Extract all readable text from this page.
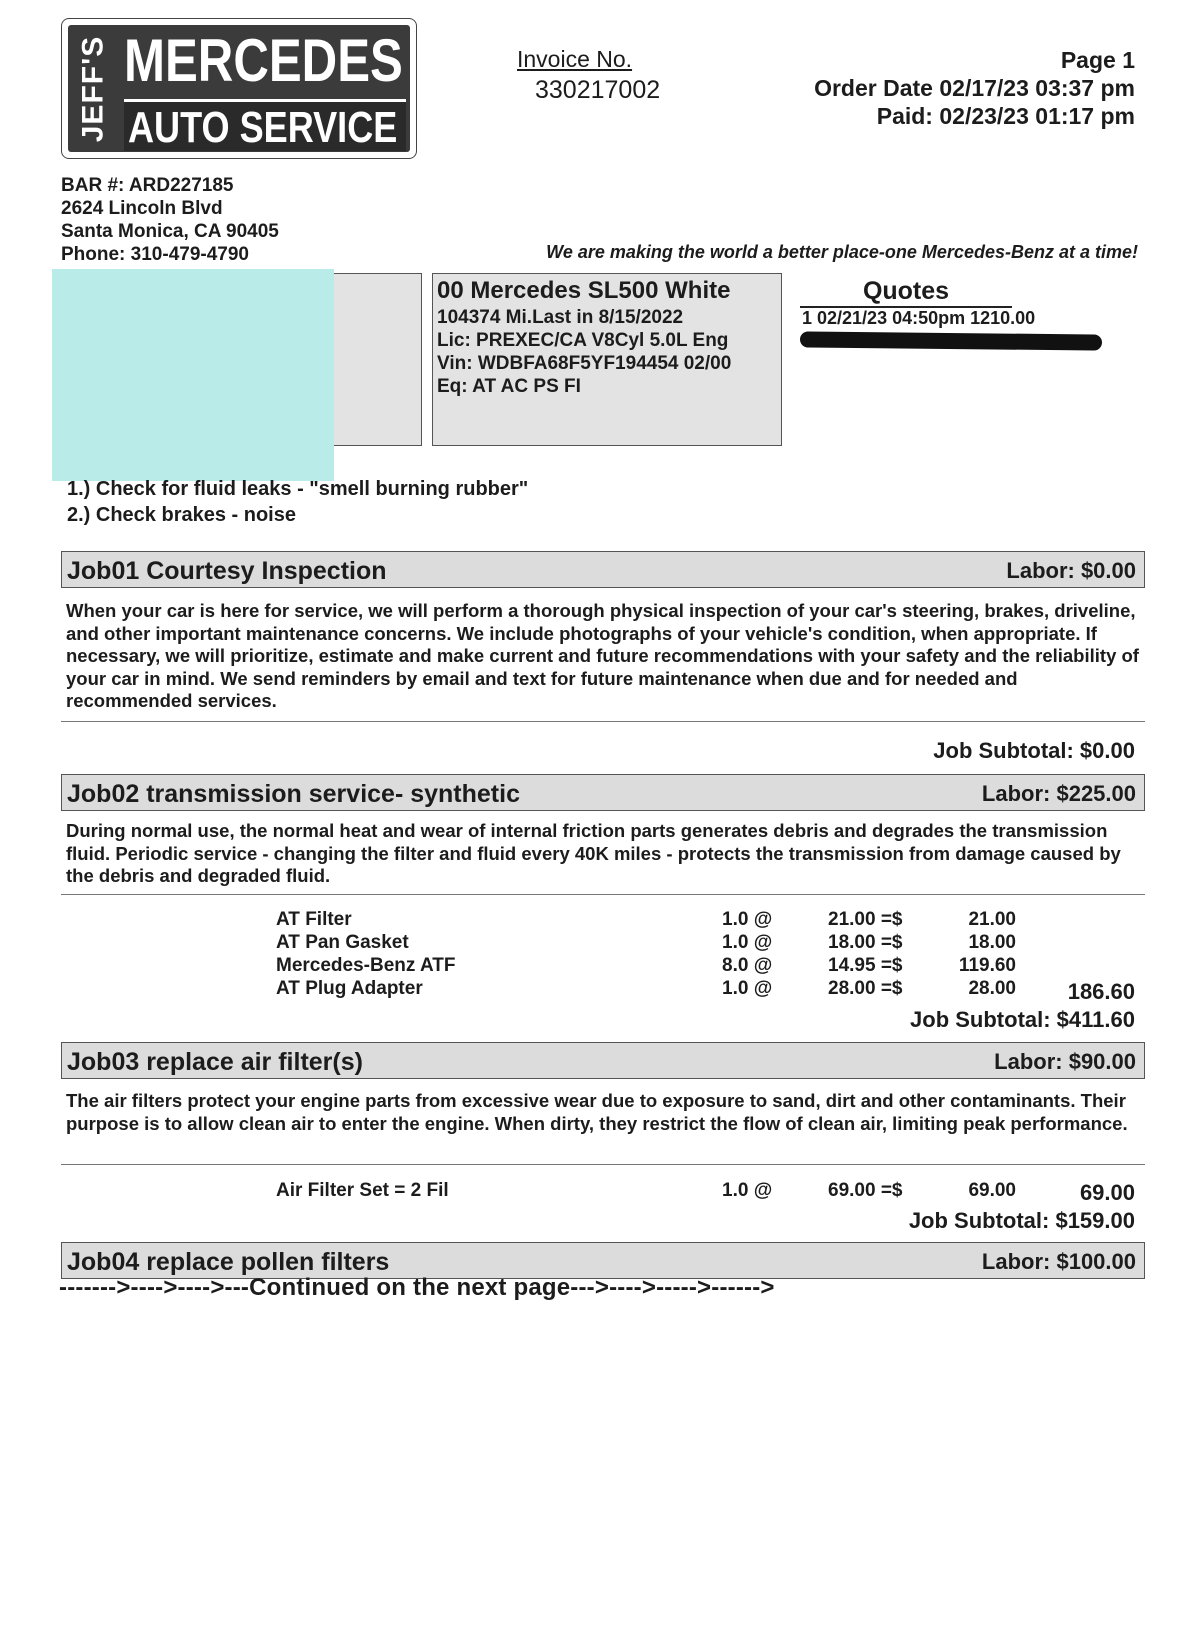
JEFF'S MERCEDES
AUTO SERVICE
Invoice No.
330217002
Page 1
Order Date 02/17/23 03:37 pm
Paid: 02/23/23 01:17 pm
BAR #: ARD227185
2624 Lincoln Blvd
Santa Monica, CA 90405
Phone: 310-479-4790	We are making the world a better place-one Mercedes-Benz at a time!
00 Mercedes SL500 White
104374 Mi.Last in 8/15/2022
Lic: PREXEC/CA V8Cyl 5.0L Eng
Vin: WDBFA68F5YF194454 02/00
Eq: AT AC PS FI
Quotes
1 02/21/23 04:50pm 1210.00
1.) Check for fluid leaks - "smell burning rubber"
2.) Check brakes - noise
Job01 Courtesy Inspection	Labor: $0.00
When your car is here for service, we will perform a thorough physical inspection of your car's steering, brakes, driveline, and other important maintenance concerns. We include photographs of your vehicle's condition, when appropriate. If necessary, we will prioritize, estimate and make current and future recommendations with your safety and the reliability of your car in mind. We send reminders by email and text for future maintenance when due and for needed and recommended services.
Job Subtotal: $0.00
Job02 transmission service- synthetic	Labor: $225.00
During normal use, the normal heat and wear of internal friction parts generates debris and degrades the transmission fluid. Periodic service - changing the filter and fluid every 40K miles - protects the transmission from damage caused by the debris and degraded fluid.
AT Filter	1.0 @	21.00 =$	21.00
AT Pan Gasket	1.0 @	18.00 =$	18.00
Mercedes-Benz ATF	8.0 @	14.95 =$	119.60
AT Plug Adapter	1.0 @	28.00 =$	28.00	186.60
Job Subtotal: $411.60
Job03 replace air filter(s)	Labor: $90.00
The air filters protect your engine parts from excessive wear due to exposure to sand, dirt and other contaminants. Their purpose is to allow clean air to enter the engine. When dirty, they restrict the flow of clean air, limiting peak performance.
Air Filter Set = 2 Fil	1.0 @	69.00 =$	69.00	69.00
Job Subtotal: $159.00
Job04 replace pollen filters	Labor: $100.00
------->---->---->---Continued on the next page--->---->----->------>
